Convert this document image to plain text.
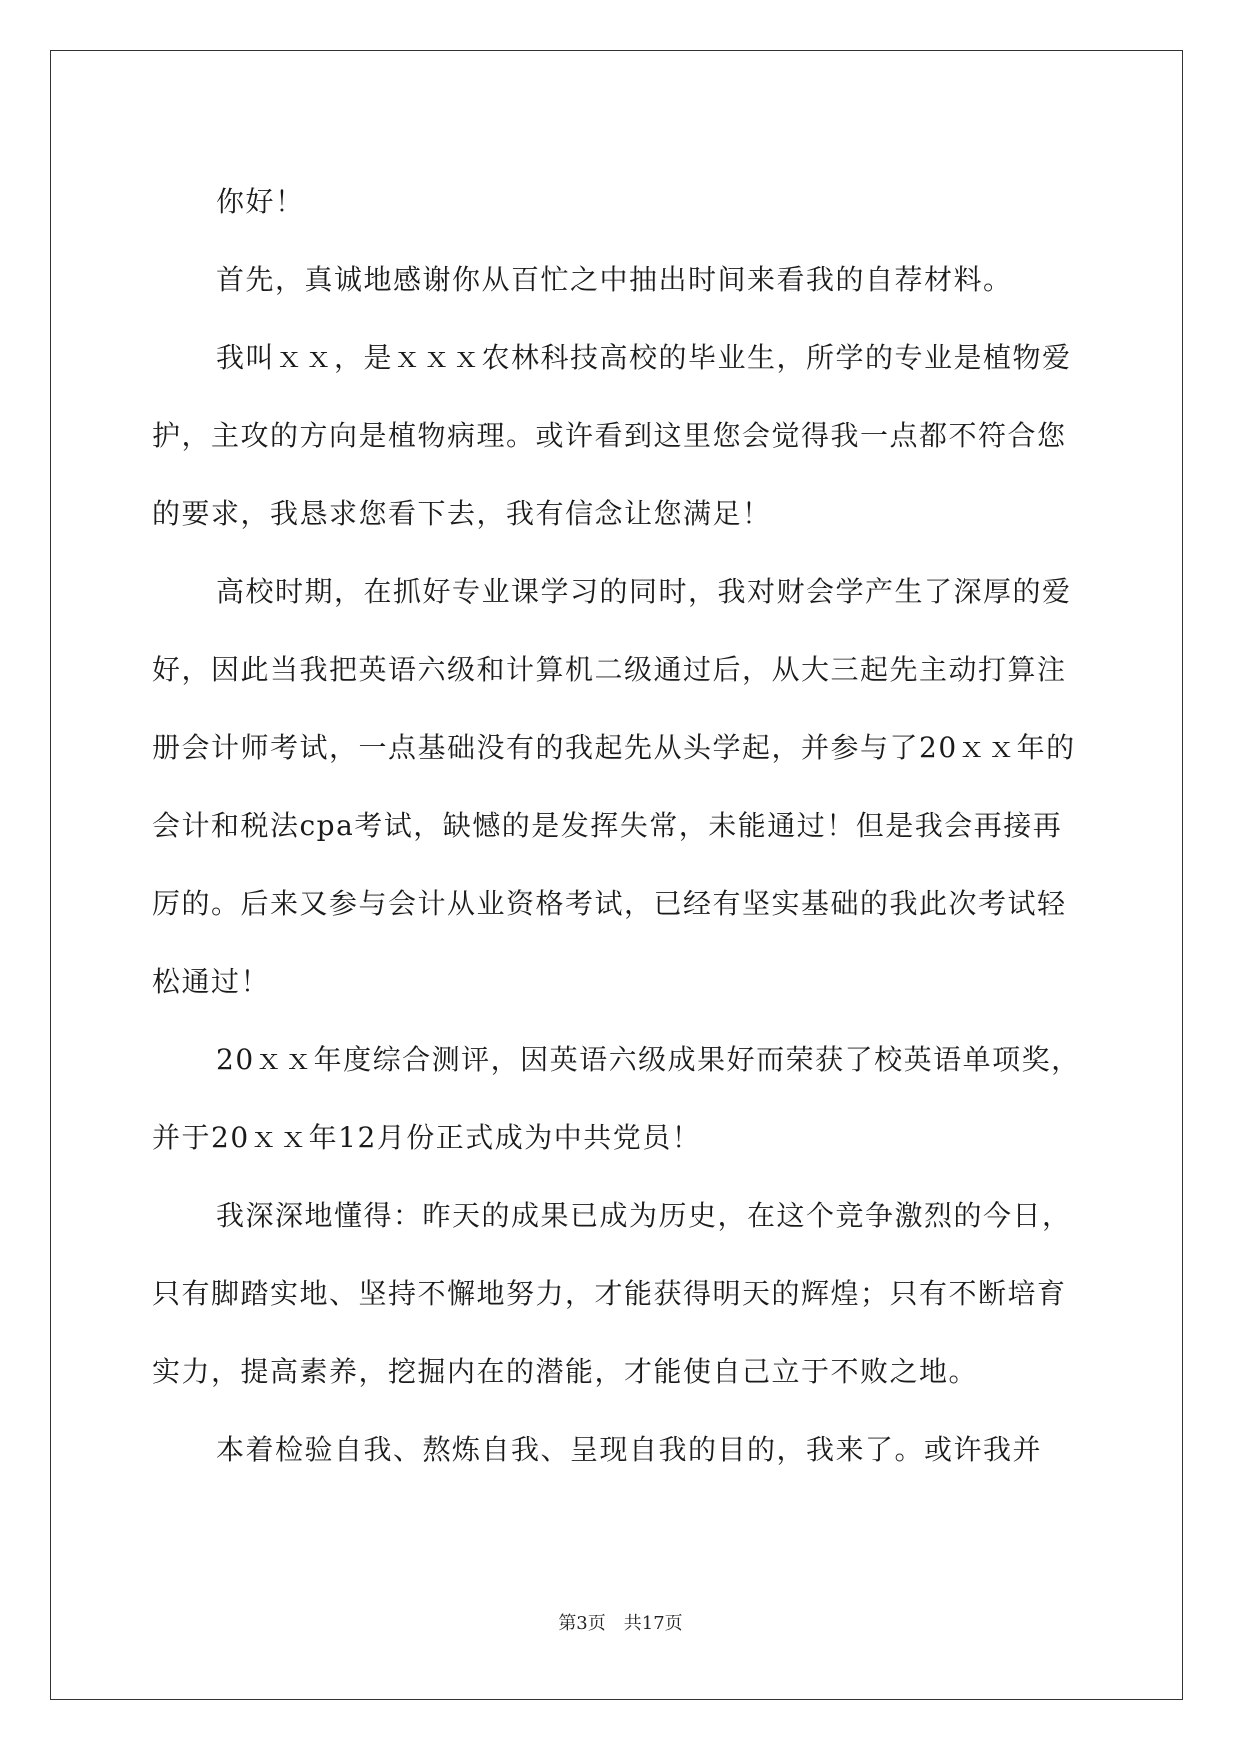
你好！

首先，真诚地感谢你从百忙之中抽出时间来看我的自荐材料。

我叫ｘｘ，是ｘｘｘ农林科技高校的毕业生，所学的专业是植物爱护，主攻的方向是植物病理。或许看到这里您会觉得我一点都不符合您的要求，我恳求您看下去，我有信念让您满足！

高校时期，在抓好专业课学习的同时，我对财会学产生了深厚的爱好，因此当我把英语六级和计算机二级通过后，从大三起先主动打算注册会计师考试，一点基础没有的我起先从头学起，并参与了20ｘｘ年的会计和税法cpa考试，缺憾的是发挥失常，未能通过！但是我会再接再厉的。后来又参与会计从业资格考试，已经有坚实基础的我此次考试轻松通过！

20ｘｘ年度综合测评，因英语六级成果好而荣获了校英语单项奖，并于20ｘｘ年12月份正式成为中共党员！

我深深地懂得：昨天的成果已成为历史，在这个竞争激烈的今日，只有脚踏实地、坚持不懈地努力，才能获得明天的辉煌；只有不断培育实力，提高素养，挖掘内在的潜能，才能使自己立于不败之地。

本着检验自我、熬炼自我、呈现自我的目的，我来了。或许我并

第3页　共17页
